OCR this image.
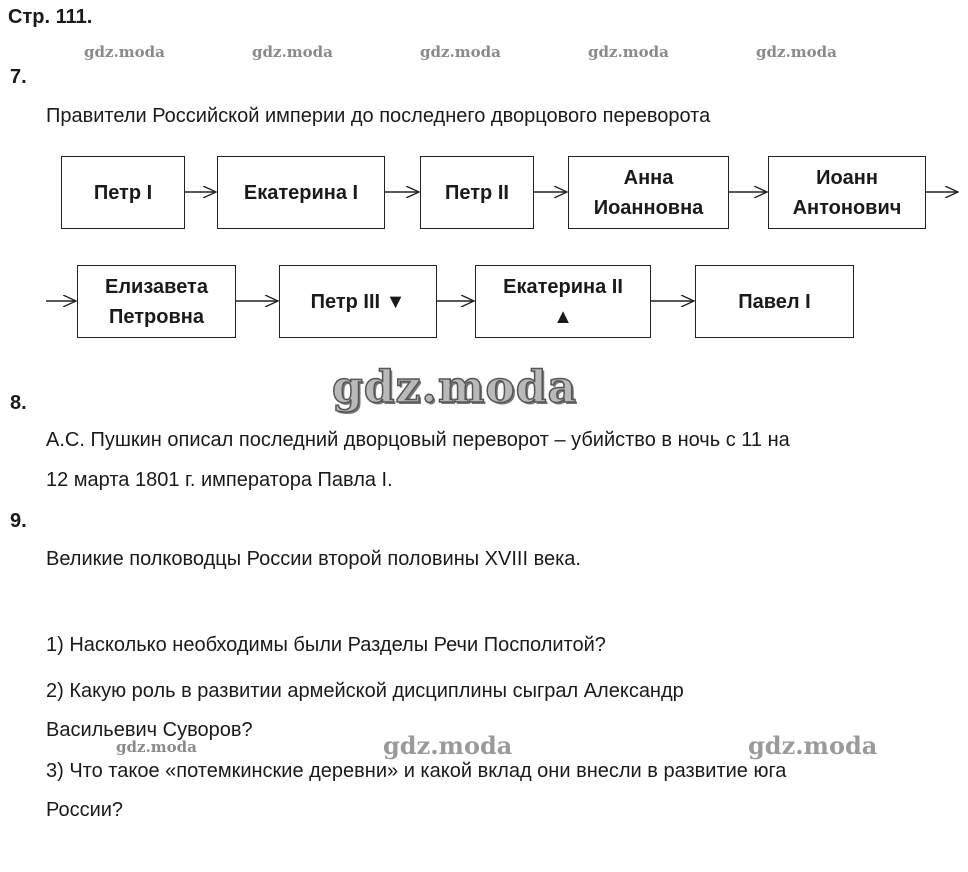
Стр. 111.
gdz.moda	gdz.moda	gdz.moda	gdz.moda	gdz.moda
7.
Правители Российской империи до последнего дворцового переворота
Петр I	Екатерина I	Петр II
Анна
Иоанновна
Иоанн
Антонович
Елизавета
Петровна
Петр III ▼
Екатерина II
▲
Павел I
gdz.moda
8.
А.С. Пушкин описал последний дворцовый переворот – убийство в ночь с 11 на
12 марта 1801 г. императора Павла I.
9.
Великие полководцы России второй половины XVIII века.
1) Насколько необходимы были Разделы Речи Посполитой?
2) Какую роль в развитии армейской дисциплины сыграл Александр
Васильевич Суворов?
3) Что такое «потемкинские деревни» и какой вклад они внесли в развитие юга
России?
gdz.moda	gdz.moda	gdz.moda
